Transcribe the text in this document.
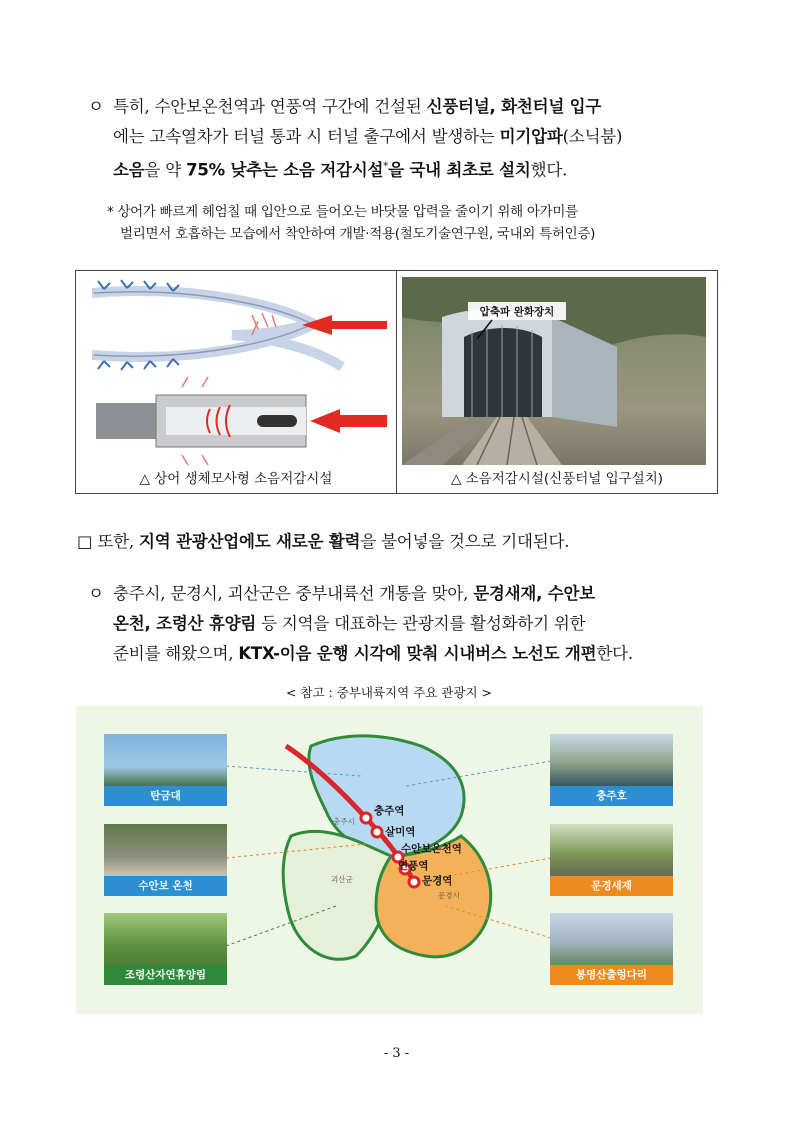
ㅇ 특히, 수안보온천역과 연풍역 구간에 건설된 신풍터널, 화천터널 입구
에는 고속열차가 터널 통과 시 터널 출구에서 발생하는 미기압파(소닉붐)
소음을 약 75% 낮추는 소음 저감시설*을 국내 최초로 설치했다.
* 상어가 빠르게 헤엄칠 때 입안으로 들어오는 바닷물 압력을 줄이기 위해 아가미를
벌리면서 호흡하는 모습에서 착안하여 개발·적용(철도기술연구원, 국내외 특허인증)
압축파 완화장치
△ 상어 생체모사형 소음저감시설	△ 소음저감시설(신풍터널 입구설치)
□ 또한, 지역 관광산업에도 새로운 활력을 불어넣을 것으로 기대된다.
ㅇ 충주시, 문경시, 괴산군은 중부내륙선 개통을 맞아, 문경새재, 수안보
온천, 조령산 휴양림 등 지역을 대표하는 관광지를 활성화하기 위한
준비를 해왔으며, KTX-이음 운행 시각에 맞춰 시내버스 노선도 개편한다.
< 참고 : 중부내륙지역 주요 관광지 >
충주역
살미역
수안보온천역
연풍역
문경역
충주시
괴산군
문경시
탄금대
수안보 온천
조령산자연휴양림
충주호
문경새재
봉명산출렁다리
- 3 -
